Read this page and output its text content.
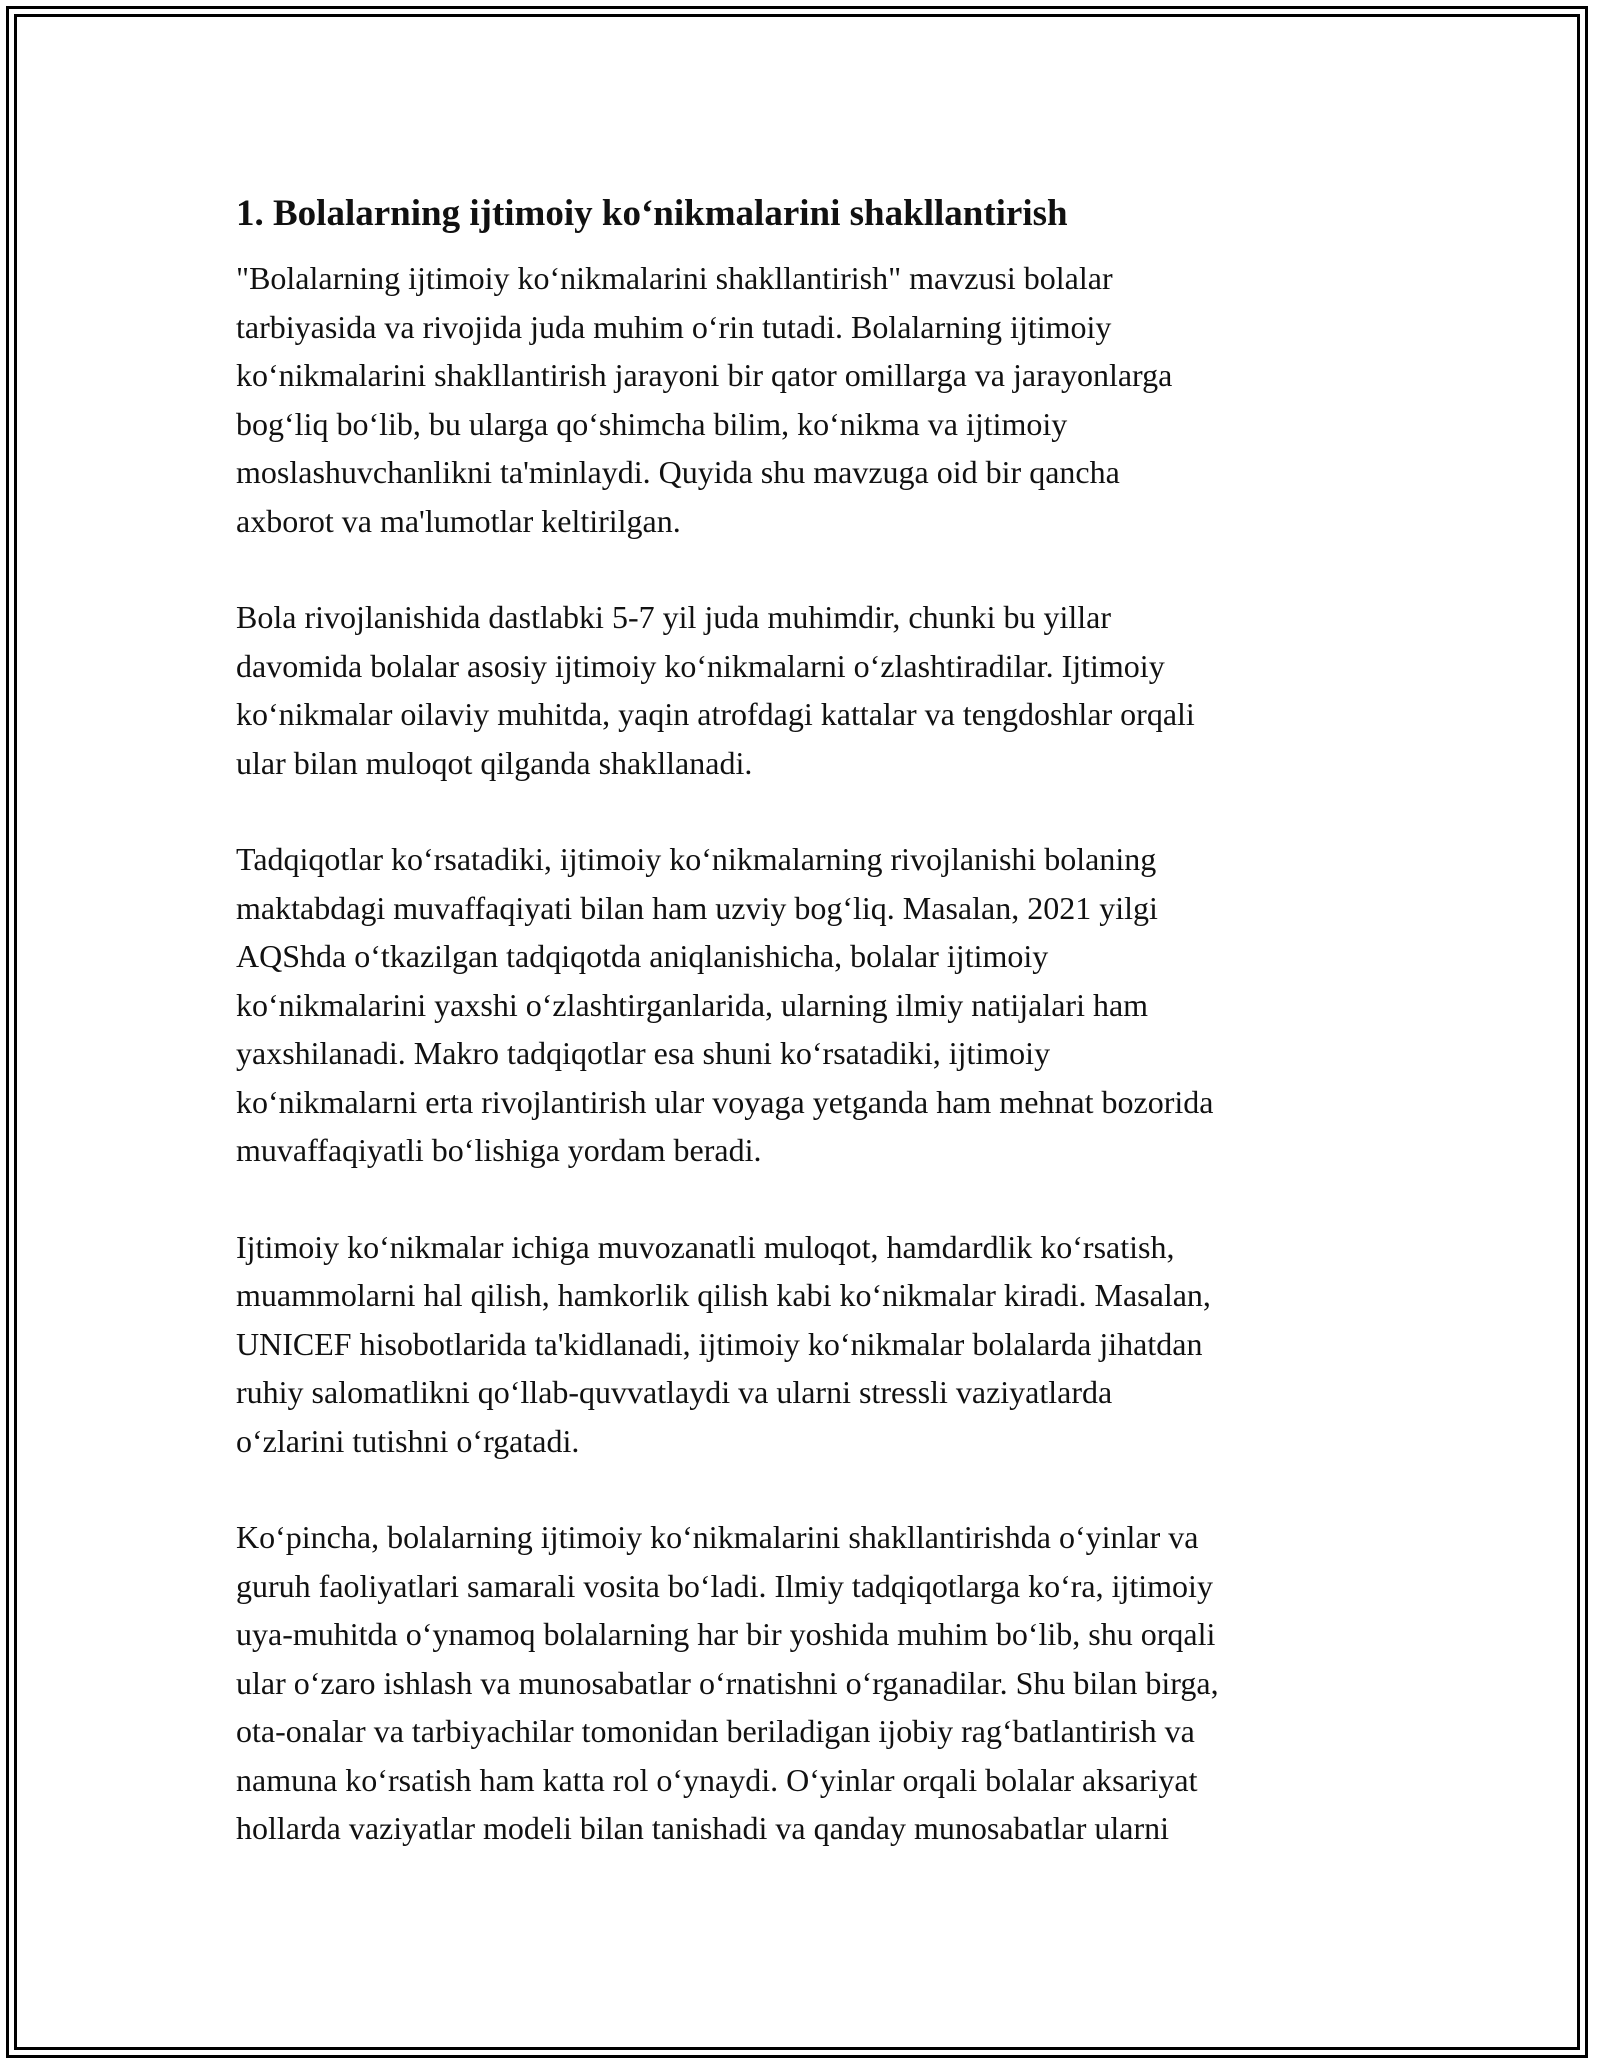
1. Bolalarning ijtimoiy ko‘nikmalarini shakllantirish

"Bolalarning ijtimoiy ko‘nikmalarini shakllantirish" mavzusi bolalar
tarbiyasida va rivojida juda muhim o‘rin tutadi. Bolalarning ijtimoiy
ko‘nikmalarini shakllantirish jarayoni bir qator omillarga va jarayonlarga
bog‘liq bo‘lib, bu ularga qo‘shimcha bilim, ko‘nikma va ijtimoiy
moslashuvchanlikni ta'minlaydi. Quyida shu mavzuga oid bir qancha
axborot va ma'lumotlar keltirilgan.

Bola rivojlanishida dastlabki 5-7 yil juda muhimdir, chunki bu yillar
davomida bolalar asosiy ijtimoiy ko‘nikmalarni o‘zlashtiradilar. Ijtimoiy
ko‘nikmalar oilaviy muhitda, yaqin atrofdagi kattalar va tengdoshlar orqali
ular bilan muloqot qilganda shakllanadi.

Tadqiqotlar ko‘rsatadiki, ijtimoiy ko‘nikmalarning rivojlanishi bolaning
maktabdagi muvaffaqiyati bilan ham uzviy bog‘liq. Masalan, 2021 yilgi
AQShda o‘tkazilgan tadqiqotda aniqlanishicha, bolalar ijtimoiy
ko‘nikmalarini yaxshi o‘zlashtirganlarida, ularning ilmiy natijalari ham
yaxshilanadi. Makro tadqiqotlar esa shuni ko‘rsatadiki, ijtimoiy
ko‘nikmalarni erta rivojlantirish ular voyaga yetganda ham mehnat bozorida
muvaffaqiyatli bo‘lishiga yordam beradi.

Ijtimoiy ko‘nikmalar ichiga muvozanatli muloqot, hamdardlik ko‘rsatish,
muammolarni hal qilish, hamkorlik qilish kabi ko‘nikmalar kiradi. Masalan,
UNICEF hisobotlarida ta'kidlanadi, ijtimoiy ko‘nikmalar bolalarda jihatdan
ruhiy salomatlikni qo‘llab-quvvatlaydi va ularni stressli vaziyatlarda
o‘zlarini tutishni o‘rgatadi.

Ko‘pincha, bolalarning ijtimoiy ko‘nikmalarini shakllantirishda o‘yinlar va
guruh faoliyatlari samarali vosita bo‘ladi. Ilmiy tadqiqotlarga ko‘ra, ijtimoiy
uya-muhitda o‘ynamoq bolalarning har bir yoshida muhim bo‘lib, shu orqali
ular o‘zaro ishlash va munosabatlar o‘rnatishni o‘rganadilar. Shu bilan birga,
ota-onalar va tarbiyachilar tomonidan beriladigan ijobiy rag‘batlantirish va
namuna ko‘rsatish ham katta rol o‘ynaydi. O‘yinlar orqali bolalar aksariyat
hollarda vaziyatlar modeli bilan tanishadi va qanday munosabatlar ularni
